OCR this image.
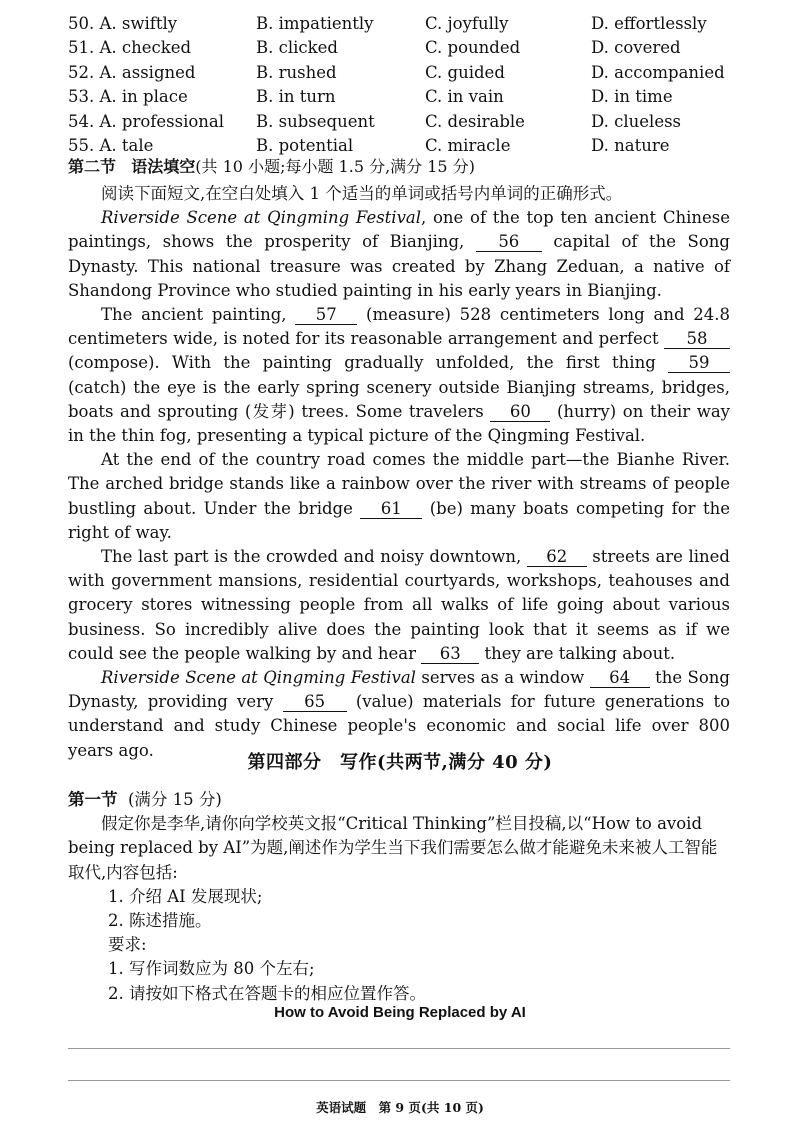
50. A. swiftly	B. impatiently	C. joyfully	D. effortlessly
51. A. checked	B. clicked	C. pounded	D. covered
52. A. assigned	B. rushed	C. guided	D. accompanied
53. A. in place	B. in turn	C. in vain	D. in time
54. A. professional	B. subsequent	C. desirable	D. clueless
55. A. tale	B. potential	C. miracle	D. nature
第二节 语法填空(共 10 小题;每小题 1.5 分,满分 15 分)

阅读下面短文,在空白处填入 1 个适当的单词或括号内单词的正确形式。

Riverside Scene at Qingming Festival, one of the top ten ancient Chinese paintings, shows the prosperity of Bianjing, 56 capital of the Song Dynasty. This national treasure was created by Zhang Zeduan, a native of Shandong Province who studied painting in his early years in Bianjing.

The ancient painting, 57 (measure) 528 centimeters long and 24.8 centimeters wide, is noted for its reasonable arrangement and perfect 58 (compose). With the painting gradually unfolded, the first thing 59 (catch) the eye is the early spring scenery outside Bianjing streams, bridges, boats and sprouting (发芽) trees. Some travelers 60 (hurry) on their way in the thin fog, presenting a typical picture of the Qingming Festival.

At the end of the country road comes the middle part—the Bianhe River. The arched bridge stands like a rainbow over the river with streams of people bustling about. Under the bridge 61 (be) many boats competing for the right of way.

The last part is the crowded and noisy downtown, 62 streets are lined with government mansions, residential courtyards, workshops, teahouses and grocery stores witnessing people from all walks of life going about various business. So incredibly alive does the painting look that it seems as if we could see the people walking by and hear 63 they are talking about.

Riverside Scene at Qingming Festival serves as a window 64 the Song Dynasty, providing very 65 (value) materials for future generations to understand and study Chinese people's economic and social life over 800 years ago.

第四部分　写作(共两节,满分 40 分)

第一节 (满分 15 分)

假定你是李华,请你向学校英文报“Critical Thinking”栏目投稿,以“How to avoid being replaced by AI”为题,阐述作为学生当下我们需要怎么做才能避免未来被人工智能取代,内容包括:

1. 介绍 AI 发展现状;

2. 陈述措施。

要求:

1. 写作词数应为 80 个左右;

2. 请按如下格式在答题卡的相应位置作答。

How to Avoid Being Replaced by AI
英语试题　第 9 页(共 10 页)
